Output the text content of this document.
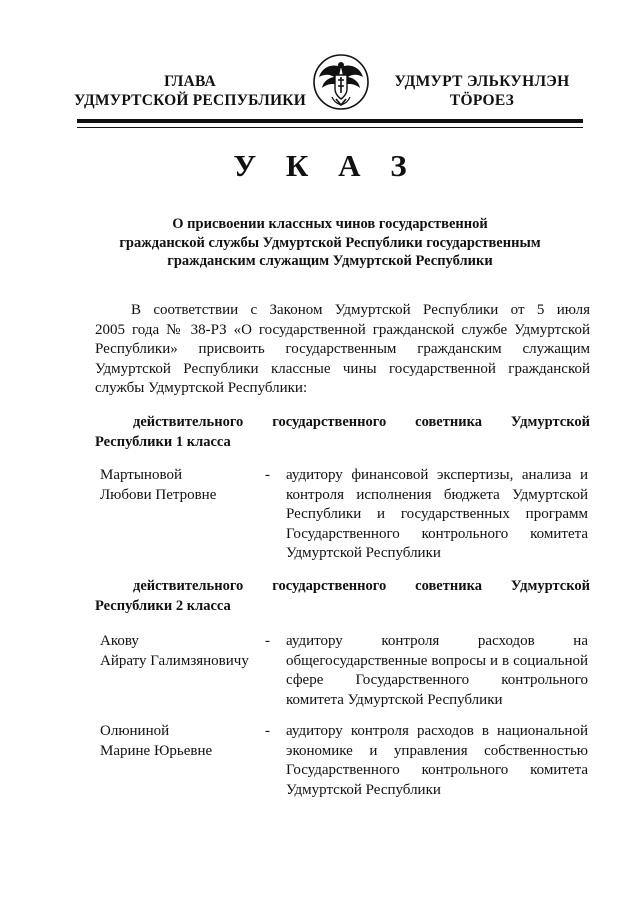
ГЛАВА
УДМУРТСКОЙ РЕСПУБЛИКИ
УДМУРТ ЭЛЬКУНЛЭН
ТÖРОЕЗ
У К А З
О присвоении классных чинов государственной
гражданской службы Удмуртской Республики государственным
гражданским служащим Удмуртской Республики
В соответствии с Законом Удмуртской Республики от 5 июля
2005 года № 38-РЗ «О государственной гражданской службе Удмуртской
Республики» присвоить государственным гражданским служащим
Удмуртской Республики классные чины государственной гражданской
службы Удмуртской Республики:
действительного государственного советника Удмуртской
Республики 1 класса
Мартыновой
Любови Петровне
- аудитору финансовой экспертизы, анализа и
контроля исполнения бюджета Удмуртской
Республики и государственных программ
Государственного контрольного комитета
Удмуртской Республики
действительного государственного советника Удмуртской
Республики 2 класса
Акову
Айрату Галимзяновичу
- аудитору контроля расходов на
общегосударственные вопросы и в социальной
сфере Государственного контрольного
комитета Удмуртской Республики
Олюниной
Марине Юрьевне
- аудитору контроля расходов в национальной
экономике и управления собственностью
Государственного контрольного комитета
Удмуртской Республики
